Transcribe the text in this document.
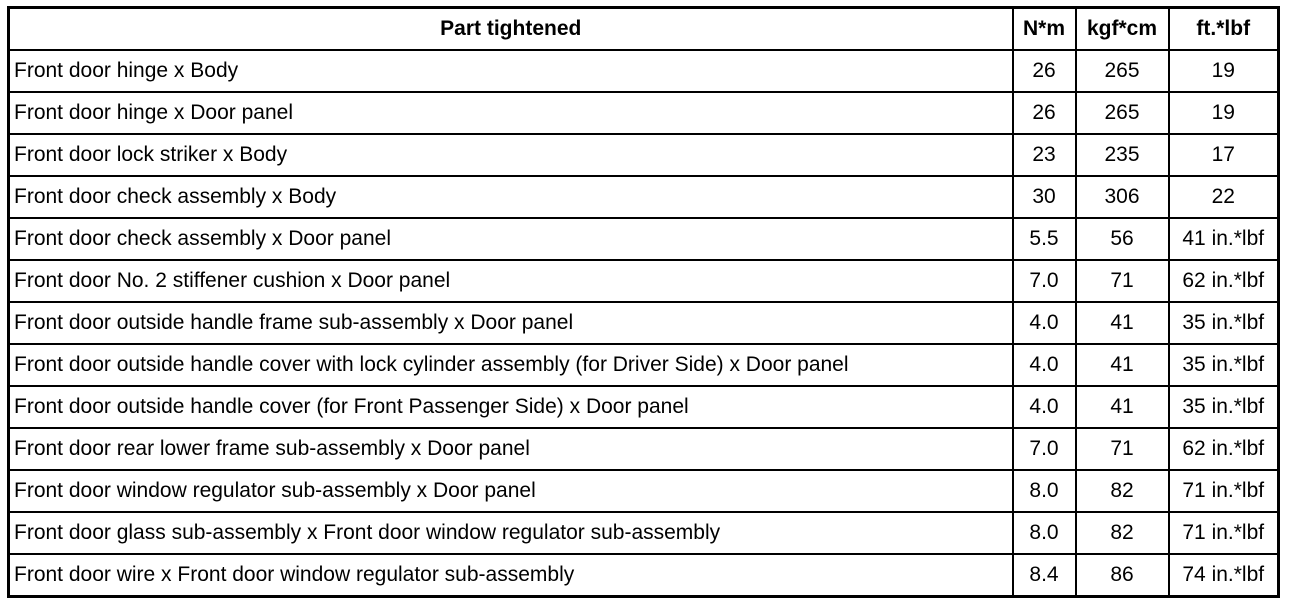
Part tightened	N*m	kgf*cm	ft.*lbf
Front door hinge x Body	26	265	19
Front door hinge x Door panel	26	265	19
Front door lock striker x Body	23	235	17
Front door check assembly x Body	30	306	22
Front door check assembly x Door panel	5.5	56	41 in.*lbf
Front door No. 2 stiffener cushion x Door panel	7.0	71	62 in.*lbf
Front door outside handle frame sub-assembly x Door panel	4.0	41	35 in.*lbf
Front door outside handle cover with lock cylinder assembly (for Driver Side) x Door panel	4.0	41	35 in.*lbf
Front door outside handle cover (for Front Passenger Side) x Door panel	4.0	41	35 in.*lbf
Front door rear lower frame sub-assembly x Door panel	7.0	71	62 in.*lbf
Front door window regulator sub-assembly x Door panel	8.0	82	71 in.*lbf
Front door glass sub-assembly x Front door window regulator sub-assembly	8.0	82	71 in.*lbf
Front door wire x Front door window regulator sub-assembly	8.4	86	74 in.*lbf
